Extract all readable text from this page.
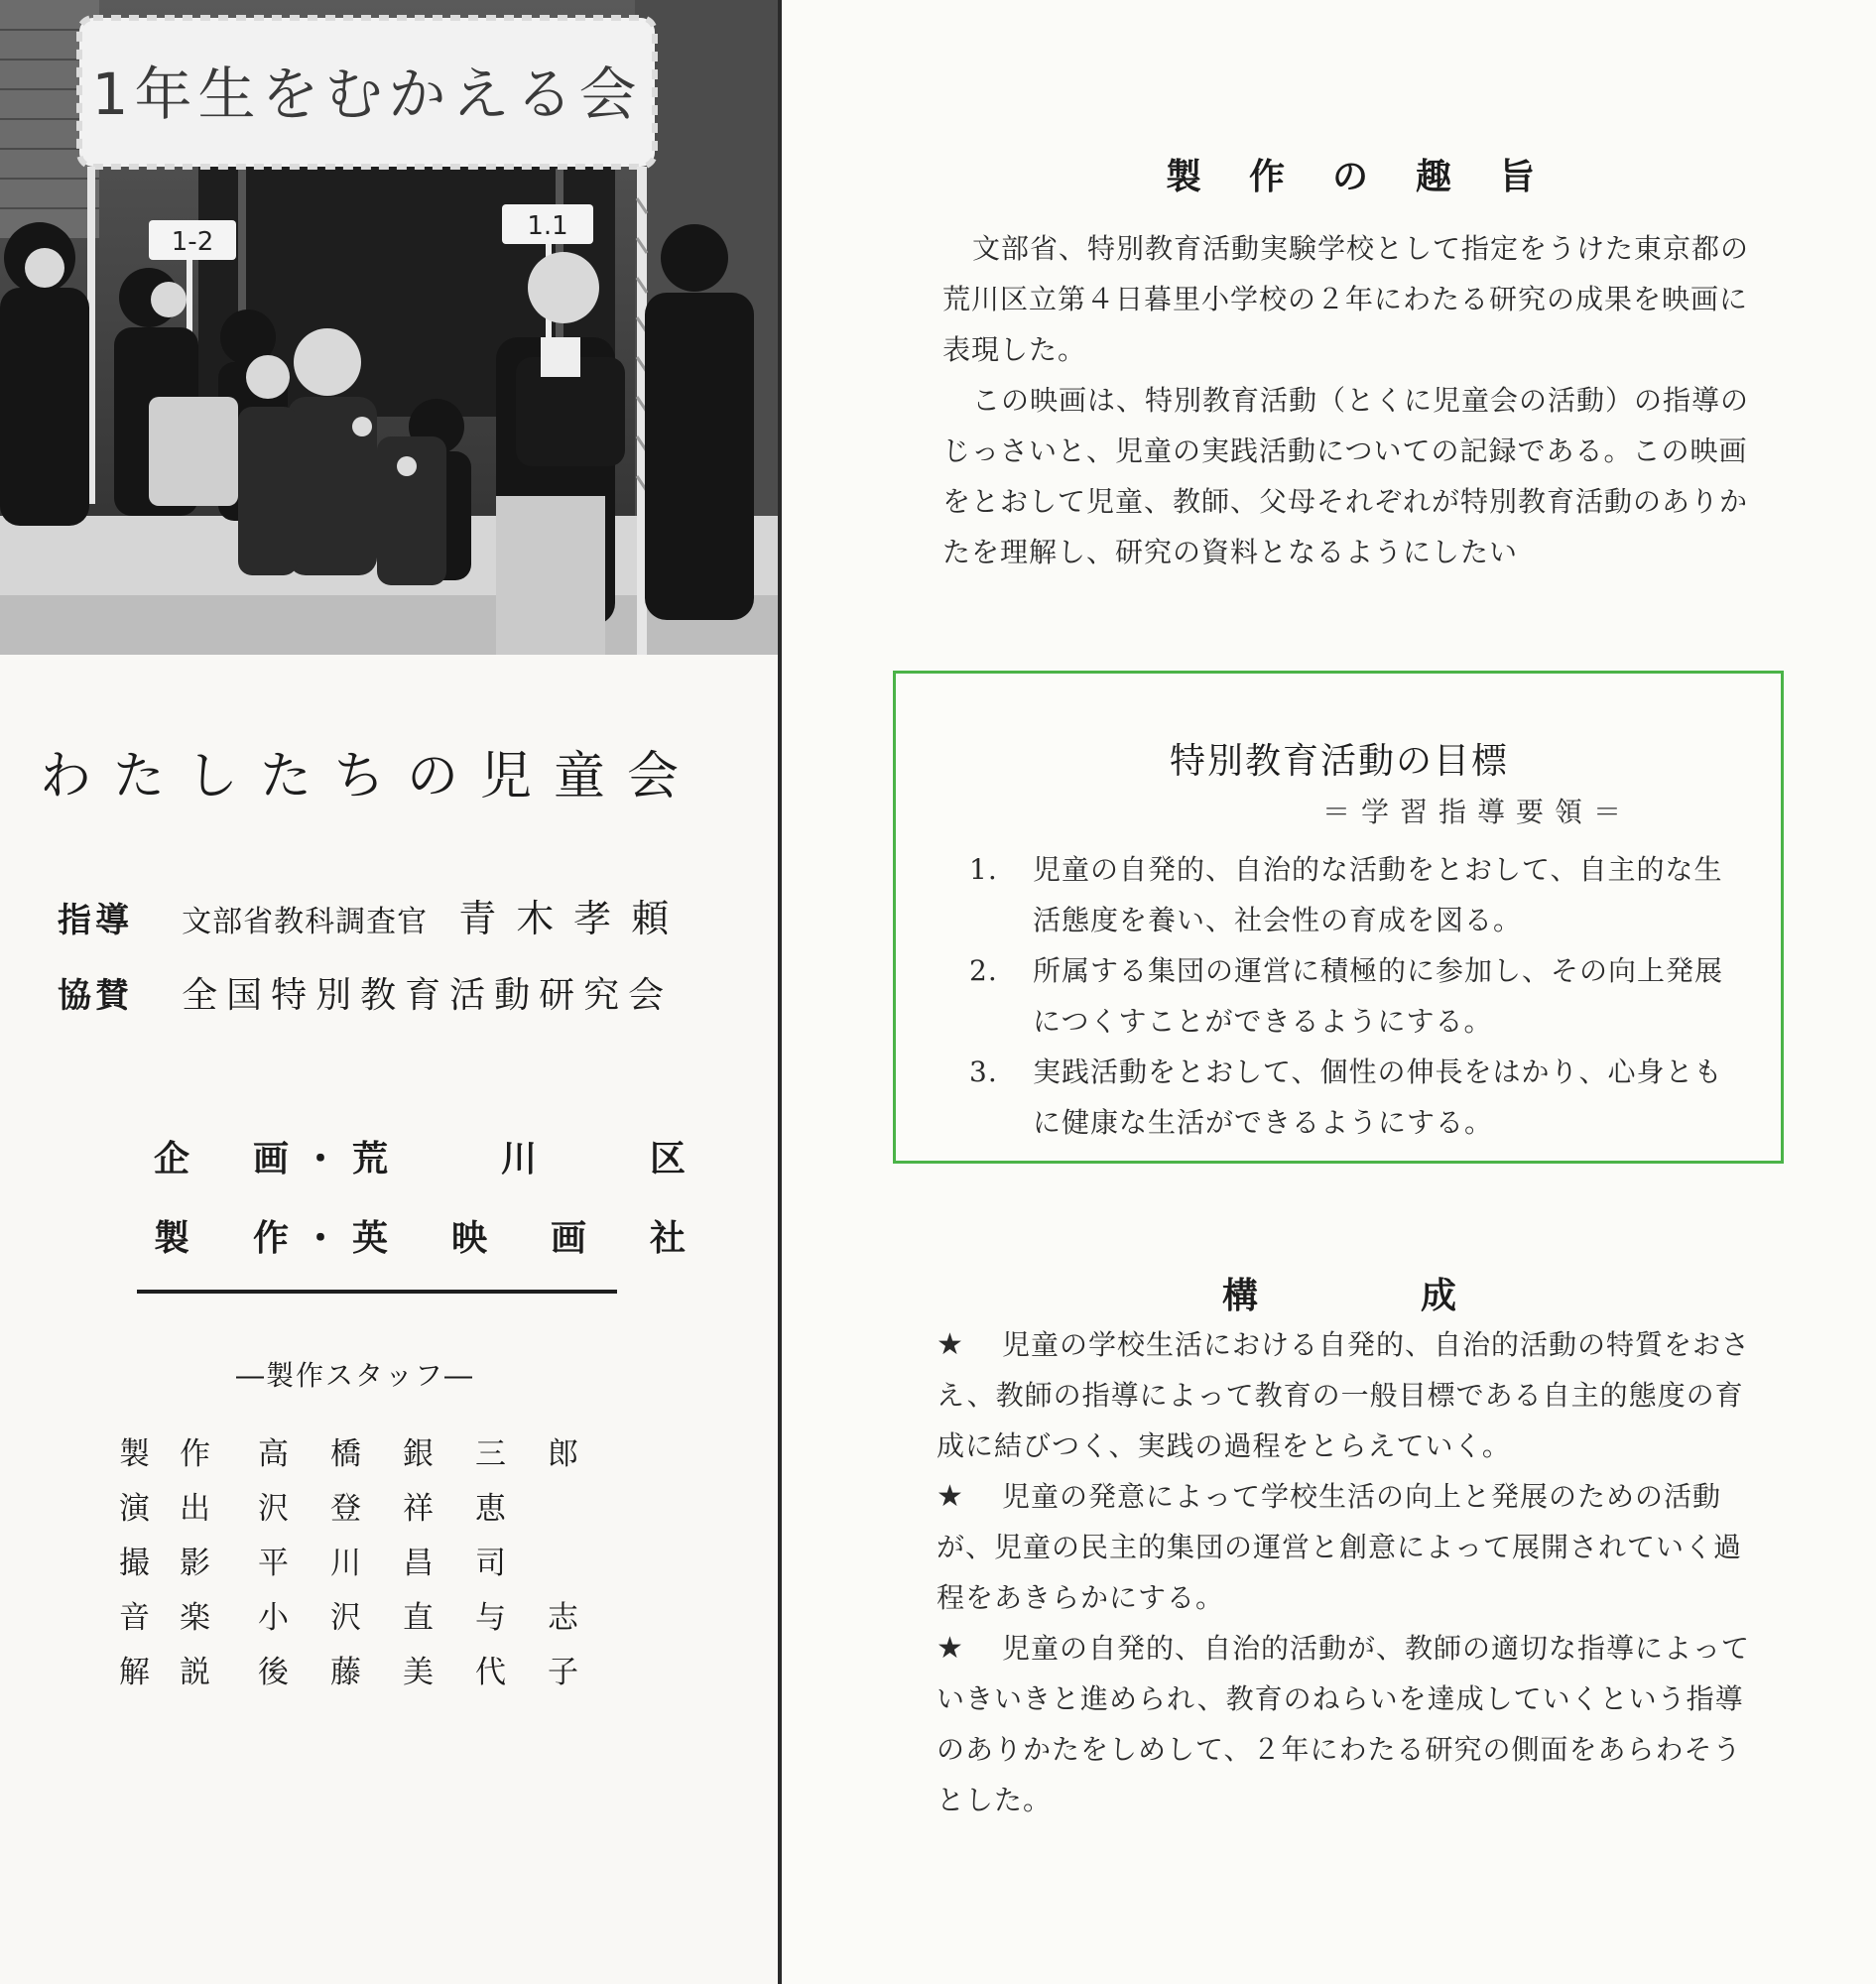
1年生をむかえる会
1-2
1.1
わたしたちの児童会
指導 文部省教科調査官 青木孝頼
協賛 全国特別教育活動研究会
企　画・荒　　川　　区
製　作・英　映　画　社
―製作スタッフ―
製作 高橋銀三郎
演出 沢登祥恵
撮影 平川昌司
音楽 小沢直与志
解説 後藤美代子
製　作　の　趣　旨

文部省、特別教育活動実験学校として指定をうけた東京都の荒川区立第４日暮里小学校の２年にわたる研究の成果を映画に表現した。

この映画は、特別教育活動（とくに児童会の活動）の指導のじっさいと、児童の実践活動についての記録である。この映画をとおして児童、教師、父母それぞれが特別教育活動のありかたを理解し、研究の資料となるようにしたい

特別教育活動の目標
＝学習指導要領＝
1.	児童の自発的、自治的な活動をとおして、自主的な生活態度を養い、社会性の育成を図る。
2.	所属する集団の運営に積極的に参加し、その向上発展につくすことができるようにする。
3.	実践活動をとおして、個性の伸長をはかり、心身ともに健康な生活ができるようにする。
構　　　　成
★ 児童の学校生活における自発的、自治的活動の特質をおさえ、教師の指導によって教育の一般目標である自主的態度の育成に結びつく、実践の過程をとらえていく。
★ 児童の発意によって学校生活の向上と発展のための活動が、児童の民主的集団の運営と創意によって展開されていく過程をあきらかにする。
★ 児童の自発的、自治的活動が、教師の適切な指導によっていきいきと進められ、教育のねらいを達成していくという指導のありかたをしめして、２年にわたる研究の側面をあらわそうとした。
